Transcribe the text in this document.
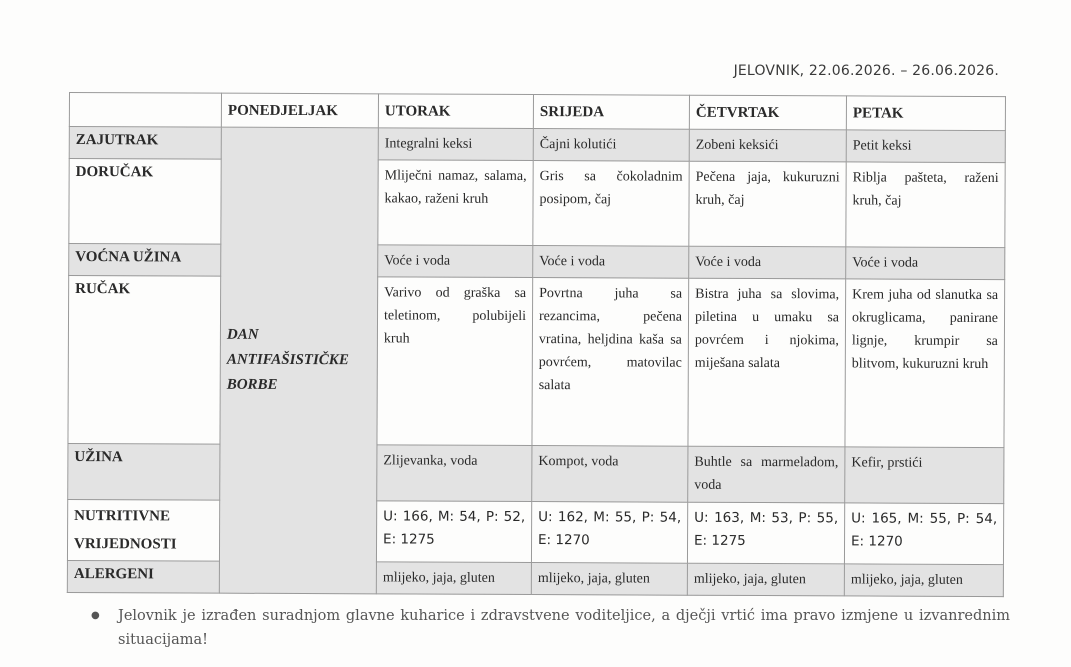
JELOVNIK, 22.06.2026. – 26.06.2026.
	PONEDJELJAK	UTORAK	SRIJEDA	ČETVRTAK	PETAK
ZAJUTRAK	DAN ANTIFAŠISTIČKE BORBE	Integralni keksi	Čajni kolutići	Zobeni keksići	Petit keksi
DORUČAK		Mliječni namaz, salama, kakao, raženi kruh	Gris sa čokoladnim posipom, čaj	Pečena jaja, kukuruzni kruh, čaj	Riblja pašteta, raženi kruh, čaj
VOĆNA UŽINA		Voće i voda	Voće i voda	Voće i voda	Voće i voda
RUČAK		Varivo od graška sa teletinom, polubijeli kruh	Povrtna juha sa rezancima, pečena vratina, heljdina kaša sa povrćem, matovilac salata	Bistra juha sa slovima, piletina u umaku sa povrćem i njokima, miješana salata	Krem juha od slanutka sa okruglicama, panirane lignje, krumpir sa blitvom, kukuruzni kruh
UŽINA		Zlijevanka, voda	Kompot, voda	Buhtle sa marmeladom, voda	Kefir, prstići
NUTRITIVNE VRIJEDNOSTI		U: 166, M: 54, P: 52, E: 1275	U: 162, M: 55, P: 54, E: 1270	U: 163, M: 53, P: 55, E: 1275	U: 165, M: 55, P: 54, E: 1270
ALERGENI		mlijeko, jaja, gluten	mlijeko, jaja, gluten	mlijeko, jaja, gluten	mlijeko, jaja, gluten
● Jelovnik je izrađen suradnjom glavne kuharice i zdravstvene voditeljice, a dječji vrtić ima pravo izmjene u izvanrednim situacijama!
